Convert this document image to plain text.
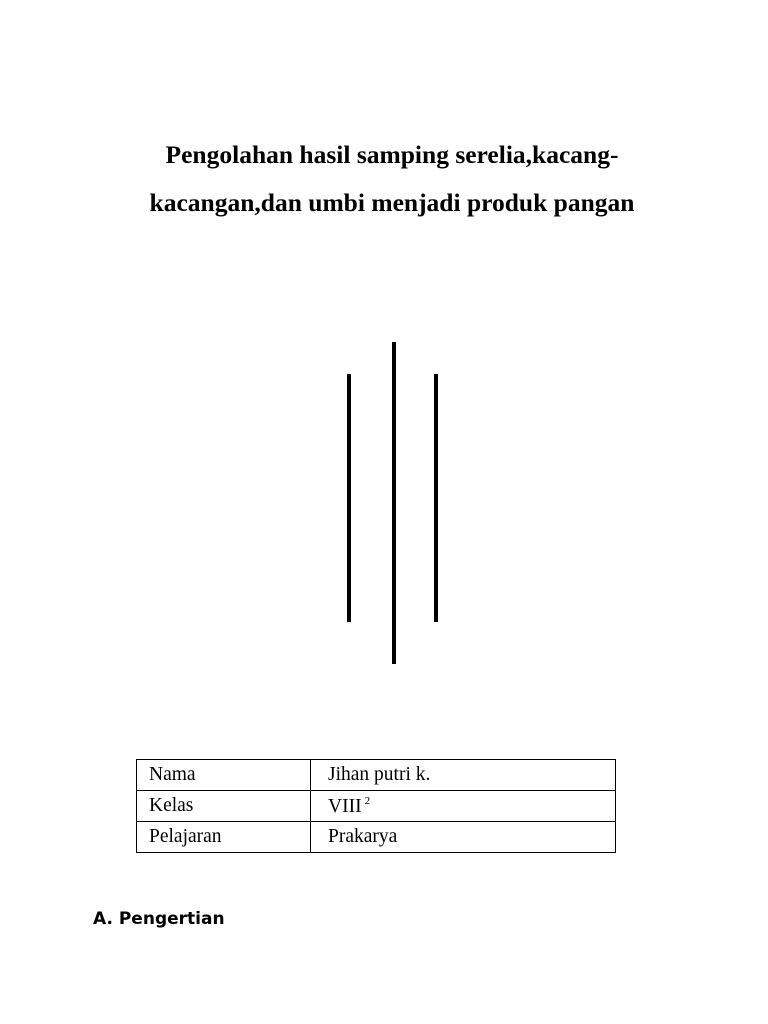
Pengolahan hasil samping serelia,kacang-
kacangan,dan umbi menjadi produk pangan
Nama	Jihan putri k.
Kelas	VIII $^2$
Pelajaran	Prakarya
A. Pengertian
